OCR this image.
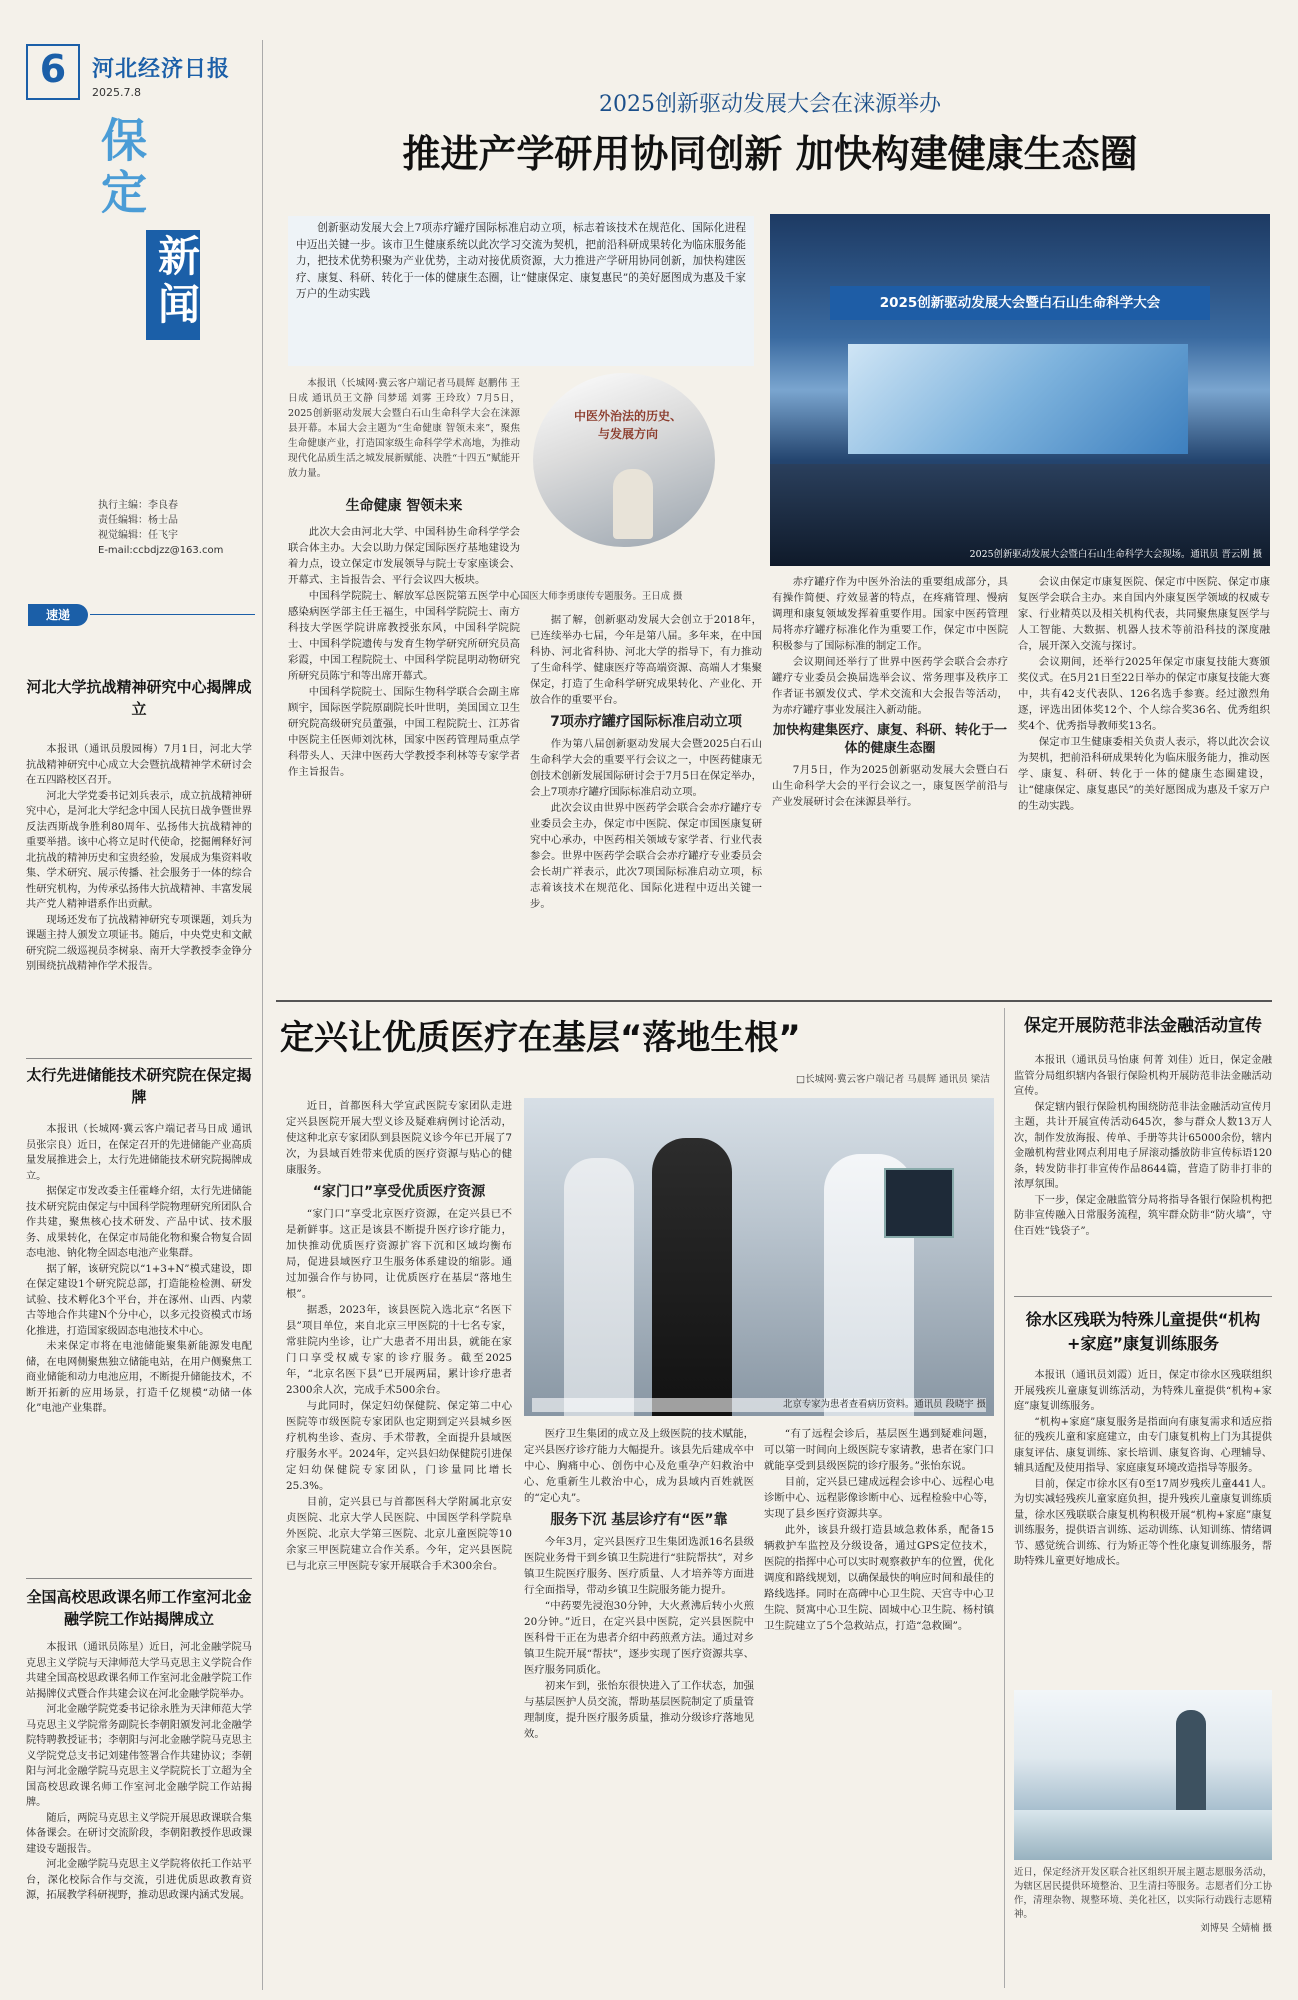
6	河北经济日报
2025.7.8
保定
新闻
执行主编：李良春
责任编辑：杨士品
视觉编辑：任飞宇
E-mail:ccbdjzz@163.com
速递
河北大学抗战精神研究中心揭牌成立

本报讯（通讯员殷园梅）7月1日，河北大学抗战精神研究中心成立大会暨抗战精神学术研讨会在五四路校区召开。

河北大学党委书记刘兵表示，成立抗战精神研究中心，是河北大学纪念中国人民抗日战争暨世界反法西斯战争胜利80周年、弘扬伟大抗战精神的重要举措。该中心将立足时代使命，挖掘阐释好河北抗战的精神历史和宝贵经验，发展成为集资料收集、学术研究、展示传播、社会服务于一体的综合性研究机构，为传承弘扬伟大抗战精神、丰富发展共产党人精神谱系作出贡献。

现场还发布了抗战精神研究专项课题，刘兵为课题主持人颁发立项证书。随后，中央党史和文献研究院二级巡视员李树泉、南开大学教授李金铮分别围绕抗战精神作学术报告。

太行先进储能技术研究院在保定揭牌

本报讯（长城网·冀云客户端记者马日成 通讯员张宗良）近日，在保定召开的先进储能产业高质量发展推进会上，太行先进储能技术研究院揭牌成立。

据保定市发改委主任霍峰介绍，太行先进储能技术研究院由保定与中国科学院物理研究所团队合作共建，聚焦核心技术研发、产品中试、技术服务、成果转化，在保定市局能化物和聚合物复合固态电池、钠化物全固态电池产业集群。

据了解，该研究院以“1+3+N”模式建设，即在保定建设1个研究院总部，打造能检检测、研发试验、技术孵化3个平台，并在涿州、山西、内蒙古等地合作共建N个分中心，以多元投资模式市场化推进，打造国家级固态电池技术中心。

未来保定市将在电池储能聚集新能源发电配储，在电网侧聚焦独立储能电站，在用户侧聚焦工商业储能和动力电池应用，不断提升储能技术，不断开拓新的应用场景，打造千亿规模“动储一体化”电池产业集群。

全国高校思政课名师工作室河北金融学院工作站揭牌成立

本报讯（通讯员陈星）近日，河北金融学院马克思主义学院与天津师范大学马克思主义学院合作共建全国高校思政课名师工作室河北金融学院工作站揭牌仪式暨合作共建会议在河北金融学院举办。

河北金融学院党委书记徐永胜为天津师范大学马克思主义学院常务副院长李朝阳颁发河北金融学院特聘教授证书；李朝阳与河北金融学院马克思主义学院党总支书记刘建伟签署合作共建协议；李朝阳与河北金融学院马克思主义学院院长丁立超为全国高校思政课名师工作室河北金融学院工作站揭牌。

随后，两院马克思主义学院开展思政课联合集体备课会。在研讨交流阶段，李朝阳教授作思政课建设专题报告。

河北金融学院马克思主义学院将依托工作站平台，深化校际合作与交流，引进优质思政教育资源，拓展教学科研视野，推动思政课内涵式发展。

2025创新驱动发展大会在涞源举办
推进产学研用协同创新 加快构建健康生态圈
创新驱动发展大会上7项赤疗罐疗国际标准启动立项，标志着该技术在规范化、国际化进程中迈出关键一步。该市卫生健康系统以此次学习交流为契机，把前沿科研成果转化为临床服务能力，把技术优势积聚为产业优势，主动对接优质资源，大力推进产学研用协同创新，加快构建医疗、康复、科研、转化于一体的健康生态圈，让“健康保定、康复惠民”的美好愿图成为惠及千家万户的生动实践
2025创新驱动发展大会暨白石山生命科学大会
2025创新驱动发展大会暨白石山生命科学大会现场。通讯员 晋云刚 摄
中医外治法的历史、与发展方向
国医大师李勇康传专题服务。王日成 摄

本报讯（长城网·冀云客户端记者马晨辉 赵鹏伟 王日成 通讯员王文静 闫梦瑶 刘雾 王玲玫）7月5日，2025创新驱动发展大会暨白石山生命科学大会在涞源县开幕。本届大会主题为“生命健康 智领未来”，聚焦生命健康产业，打造国家级生命科学学术高地，为推动现代化品质生活之城发展新赋能、决胜“十四五”赋能开放力量。

生命健康 智领未来

此次大会由河北大学、中国科协生命科学学会联合体主办。大会以助力保定国际医疗基地建设为着力点，设立保定市发展领导与院士专家座谈会、开幕式、主旨报告会、平行会议四大板块。

中国科学院院士、解放军总医院第五医学中心感染病医学部主任王福生，中国科学院院士、南方科技大学医学院讲席教授张东风，中国科学院院士、中国科学院遗传与发育生物学研究所研究员高彩霞，中国工程院院士、中国科学院昆明动物研究所研究员陈宁和等出席开幕式。

中国科学院院士、国际生物科学联合会副主席顾宇，国际医学院原副院长叶世明，美国国立卫生研究院高级研究员董强，中国工程院院士、江苏省中医院主任医师刘沈林，国家中医药管理局重点学科带头人、天津中医药大学教授李利林等专家学者作主旨报告。

据了解，创新驱动发展大会创立于2018年，已连续举办七届，今年是第八届。多年来，在中国科协、河北省科协、河北大学的指导下，有力推动了生命科学、健康医疗等高端资源、高端人才集聚保定，打造了生命科学研究成果转化、产业化、开放合作的重要平台。

7项赤疗罐疗国际标准启动立项

作为第八届创新驱动发展大会暨2025白石山生命科学大会的重要平行会议之一，中医药健康无创技术创新发展国际研讨会于7月5日在保定举办，会上7项赤疗罐疗国际标准启动立项。

此次会议由世界中医药学会联合会赤疗罐疗专业委员会主办，保定市中医院、保定市国医康复研究中心承办，中医药相关领域专家学者、行业代表参会。世界中医药学会联合会赤疗罐疗专业委员会会长胡广祥表示，此次7项国际标准启动立项，标志着该技术在规范化、国际化进程中迈出关键一步。

赤疗罐疗作为中医外治法的重要组成部分，具有操作简便、疗效显著的特点，在疼痛管理、慢病调理和康复领域发挥着重要作用。国家中医药管理局将赤疗罐疗标准化作为重要工作，保定市中医院积极参与了国际标准的制定工作。

会议期间还举行了世界中医药学会联合会赤疗罐疗专业委员会换届选举会议、常务理事及秩序工作者证书颁发仪式、学术交流和大会报告等活动，为赤疗罐疗事业发展注入新动能。

加快构建集医疗、康复、科研、转化于一体的健康生态圈

7月5日，作为2025创新驱动发展大会暨白石山生命科学大会的平行会议之一，康复医学前沿与产业发展研讨会在涞源县举行。

会议由保定市康复医院、保定市中医院、保定市康复医学会联合主办。来自国内外康复医学领域的权威专家、行业精英以及相关机构代表，共同聚焦康复医学与人工智能、大数据、机器人技术等前沿科技的深度融合，展开深入交流与探讨。

会议期间，还举行2025年保定市康复技能大赛颁奖仪式。在5月21日至22日举办的保定市康复技能大赛中，共有42支代表队、126名选手参赛。经过激烈角逐，评选出团体奖12个、个人综合奖36名、优秀组织奖4个、优秀指导教师奖13名。

保定市卫生健康委相关负责人表示，将以此次会议为契机，把前沿科研成果转化为临床服务能力，推动医学、康复、科研、转化于一体的健康生态圈建设，让“健康保定、康复惠民”的美好愿图成为惠及千家万户的生动实践。

定兴让优质医疗在基层“落地生根”
□长城网·冀云客户端记者 马晨辉 通讯员 梁洁

近日，首都医科大学宣武医院专家团队走进定兴县医院开展大型义诊及疑难病例讨论活动，使这种北京专家团队到县医院义诊今年已开展了7次，为县域百姓带来优质的医疗资源与贴心的健康服务。

“家门口”享受优质医疗资源

“家门口”享受北京医疗资源，在定兴县已不是新鲜事。这正是该县不断提升医疗诊疗能力，加快推动优质医疗资源扩容下沉和区域均衡布局，促进县域医疗卫生服务体系建设的缩影。通过加强合作与协同，让优质医疗在基层“落地生根”。

据悉，2023年，该县医院入选北京“名医下县”项目单位，来自北京三甲医院的十七名专家，常驻院内坐诊，让广大患者不用出县，就能在家门口享受权威专家的诊疗服务。截至2025年，“北京名医下县”已开展两届，累计诊疗患者2300余人次，完成手术500余台。

与此同时，保定妇幼保健院、保定第二中心医院等市级医院专家团队也定期到定兴县城乡医疗机构坐诊、查房、手术带教，全面提升县域医疗服务水平。2024年，定兴县妇幼保健院引进保定妇幼保健院专家团队，门诊量同比增长25.3%。

目前，定兴县已与首都医科大学附属北京安贞医院、北京大学人民医院、中国医学科学院阜外医院、北京大学第三医院、北京儿童医院等10余家三甲医院建立合作关系。今年，定兴县医院已与北京三甲医院专家开展联合手术300余台。

北京专家为患者查看病历资料。通讯员 段晓宇 摄

医疗卫生集团的成立及上级医院的技术赋能，定兴县医疗诊疗能力大幅提升。该县先后建成卒中中心、胸痛中心、创伤中心及危重孕产妇救治中心、危重新生儿救治中心，成为县域内百姓就医的“定心丸”。

服务下沉 基层诊疗有“医”靠

今年3月，定兴县医疗卫生集团选派16名县级医院业务骨干到乡镇卫生院进行“驻院帮扶”，对乡镇卫生院医疗服务、医疗质量、人才培养等方面进行全面指导，带动乡镇卫生院服务能力提升。

“中药要先浸泡30分钟，大火煮沸后转小火煎20分钟。”近日，在定兴县中医院，定兴县医院中医科骨干正在为患者介绍中药煎煮方法。通过对乡镇卫生院开展“帮扶”，逐步实现了医疗资源共享、医疗服务同质化。

初来乍到，张怡东很快进入了工作状态，加强与基层医护人员交流，帮助基层医院制定了质量管理制度，提升医疗服务质量，推动分级诊疗落地见效。

“有了远程会诊后，基层医生遇到疑难问题，可以第一时间向上级医院专家请教，患者在家门口就能享受到县级医院的诊疗服务。”张怡东说。

目前，定兴县已建成远程会诊中心、远程心电诊断中心、远程影像诊断中心、远程检验中心等，实现了县乡医疗资源共享。

此外，该县升级打造县域急救体系，配备15辆救护车监控及分级设备，通过GPS定位技术，医院的指挥中心可以实时观察救护车的位置，优化调度和路线规划，以确保最快的响应时间和最佳的路线选择。同时在高碑中心卫生院、天宫寺中心卫生院、贤寓中心卫生院、固城中心卫生院、杨村镇卫生院建立了5个急救站点，打造“急救圈”。

保定开展防范非法金融活动宣传

本报讯（通讯员马怡康 何菁 刘佳）近日，保定金融监管分局组织辖内各银行保险机构开展防范非法金融活动宣传。

保定辖内银行保险机构围绕防范非法金融活动宣传月主题，共计开展宣传活动645次，参与群众人数13万人次，制作发放海报、传单、手册等共计65000余份，辖内金融机构营业网点利用电子屏滚动播放防非宣传标语120条，转发防非打非宣传作品8644篇，营造了防非打非的浓厚氛围。

下一步，保定金融监管分局将指导各银行保险机构把防非宣传融入日常服务流程，筑牢群众防非“防火墙”，守住百姓“钱袋子”。

徐水区残联为特殊儿童提供“机构+家庭”康复训练服务

本报讯（通讯员刘霞）近日，保定市徐水区残联组织开展残疾儿童康复训练活动，为特殊儿童提供“机构+家庭”康复训练服务。

“机构+家庭”康复服务是指面向有康复需求和适应指征的残疾儿童和家庭建立，由专门康复机构上门为其提供康复评估、康复训练、家长培训、康复咨询、心理辅导、辅具适配及使用指导、家庭康复环境改造指导等服务。

目前，保定市徐水区有0至17周岁残疾儿童441人。为切实减轻残疾儿童家庭负担，提升残疾儿童康复训练质量，徐水区残联联合康复机构积极开展“机构+家庭”康复训练服务，提供语言训练、运动训练、认知训练、情绪调节、感觉统合训练、行为矫正等个性化康复训练服务，帮助特殊儿童更好地成长。

近日，保定经济开发区联合社区组织开展主题志愿服务活动，为辖区居民提供环境整治、卫生清扫等服务。志愿者们分工协作，清理杂物、规整环境、美化社区，以实际行动践行志愿精神。
刘博昊 仝婧楠 摄
